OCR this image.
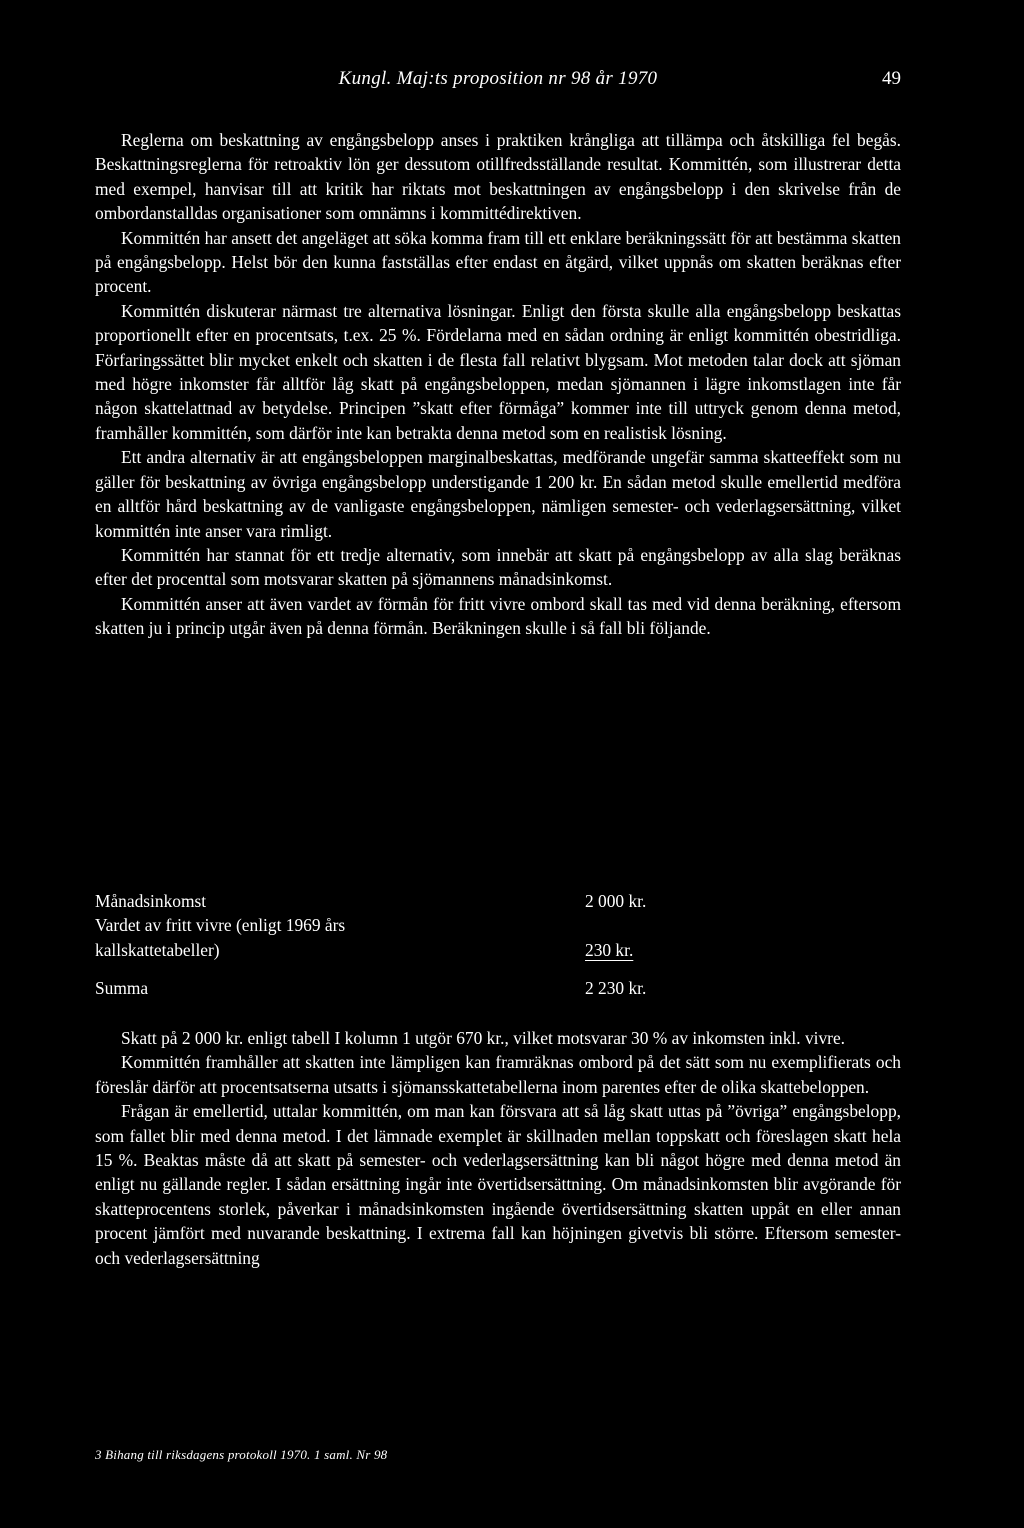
Kungl. Maj:ts proposition nr 98 år 1970	49

Reglerna om beskattning av engångsbelopp anses i praktiken krångliga att tillämpa och åtskilliga fel begås. Beskattningsreglerna för retroaktiv lön ger dessutom otillfredsställande resultat. Kommittén, som illustrerar detta med exempel, hanvisar till att kritik har riktats mot beskattningen av engångsbelopp i den skrivelse från de ombordanstalldas organisationer som omnämns i kommittédirektiven.

Kommittén har ansett det angeläget att söka komma fram till ett enklare beräkningssätt för att bestämma skatten på engångsbelopp. Helst bör den kunna fastställas efter endast en åtgärd, vilket uppnås om skatten beräknas efter procent.

Kommittén diskuterar närmast tre alternativa lösningar. Enligt den första skulle alla engångsbelopp beskattas proportionellt efter en procentsats, t.ex. 25 %. Fördelarna med en sådan ordning är enligt kommittén obestridliga. Förfaringssättet blir mycket enkelt och skatten i de flesta fall relativt blygsam. Mot metoden talar dock att sjöman med högre inkomster får alltför låg skatt på engångsbeloppen, medan sjömannen i lägre inkomstlagen inte får någon skattelattnad av betydelse. Principen ”skatt efter förmåga” kommer inte till uttryck genom denna metod, framhåller kommittén, som därför inte kan betrakta denna metod som en realistisk lösning.

Ett andra alternativ är att engångsbeloppen marginalbeskattas, medförande ungefär samma skatteeffekt som nu gäller för beskattning av övriga engångsbelopp understigande 1 200 kr. En sådan metod skulle emellertid medföra en alltför hård beskattning av de vanligaste engångsbeloppen, nämligen semester- och vederlagsersättning, vilket kommittén inte anser vara rimligt.

Kommittén har stannat för ett tredje alternativ, som innebär att skatt på engångsbelopp av alla slag beräknas efter det procenttal som motsvarar skatten på sjömannens månadsinkomst.

Kommittén anser att även vardet av förmån för fritt vivre ombord skall tas med vid denna beräkning, eftersom skatten ju i princip utgår även på denna förmån. Beräkningen skulle i så fall bli följande.

Månadsinkomst	2 000 kr.
Vardet av fritt vivre (enligt 1969 års
kallskattetabeller)	230 kr.
Summa	2 230 kr.

Skatt på 2 000 kr. enligt tabell I kolumn 1 utgör 670 kr., vilket motsvarar 30 % av inkomsten inkl. vivre.

Kommittén framhåller att skatten inte lämpligen kan framräknas ombord på det sätt som nu exemplifierats och föreslår därför att procentsatserna utsatts i sjömansskattetabellerna inom parentes efter de olika skattebeloppen.

Frågan är emellertid, uttalar kommittén, om man kan försvara att så låg skatt uttas på ”övriga” engångsbelopp, som fallet blir med denna metod. I det lämnade exemplet är skillnaden mellan toppskatt och föreslagen skatt hela 15 %. Beaktas måste då att skatt på semester- och vederlagsersättning kan bli något högre med denna metod än enligt nu gällande regler. I sådan ersättning ingår inte övertidsersättning. Om månadsinkomsten blir avgörande för skatteprocentens storlek, påverkar i månadsinkomsten ingående övertidsersättning skatten uppåt en eller annan procent jämfört med nuvarande beskattning. I extrema fall kan höjningen givetvis bli större. Eftersom semester- och vederlagsersättning

3 Bihang till riksdagens protokoll 1970. 1 saml. Nr 98
